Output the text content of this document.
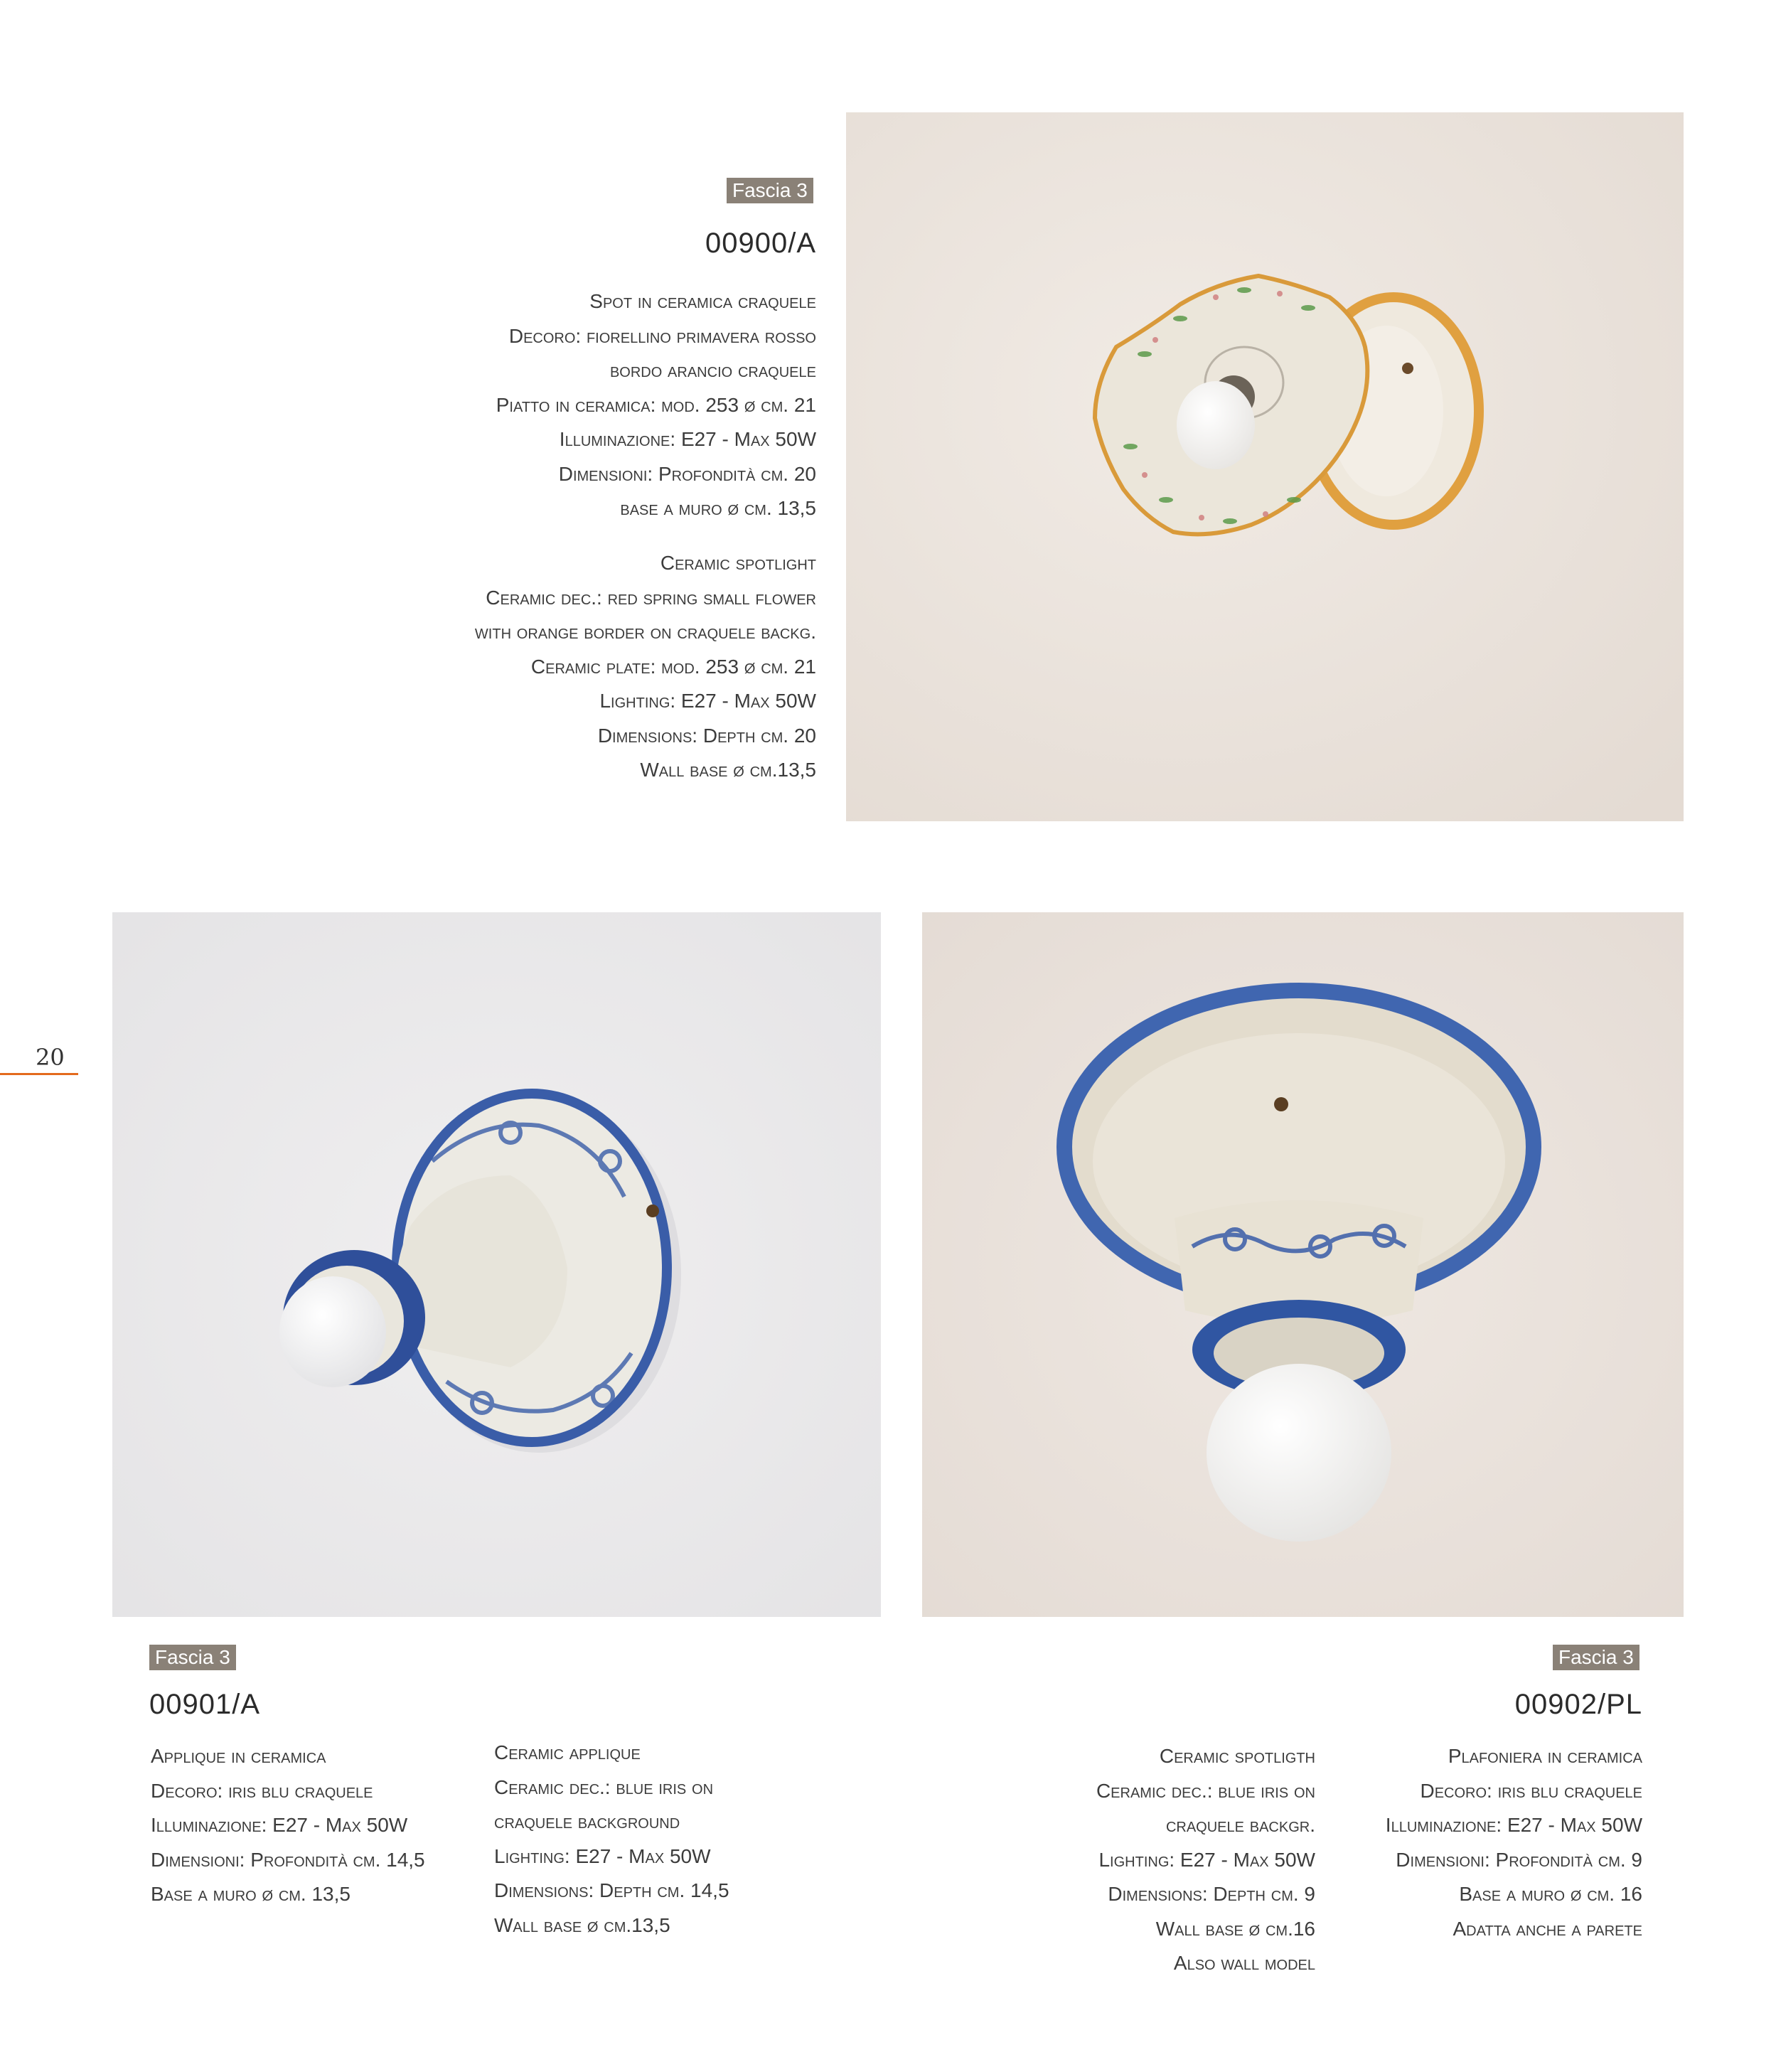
Fascia 3
00900/A
Spot in ceramica craquele
Decoro: fiorellino primavera rosso
bordo arancio craquele
Piatto in ceramica: mod. 253 ø cm. 21
Illuminazione: E27 - Max 50W
Dimensioni: Profondità cm. 20
base a muro ø cm. 13,5
Ceramic spotlight
Ceramic dec.: red spring small flower
with orange border on craquele backg.
Ceramic plate: mod. 253 ø cm. 21
Lighting: E27 - Max 50W
Dimensions: Depth cm. 20
Wall base ø cm.13,5
Fascia 3
00901/A
Applique in ceramica
Decoro: iris blu craquele
Illuminazione: E27 - Max 50W
Dimensioni: Profondità cm. 14,5
Base a muro ø cm. 13,5
Ceramic applique
Ceramic dec.: blue iris on
craquele background
Lighting: E27 - Max 50W
Dimensions: Depth cm. 14,5
Wall base ø cm.13,5
Fascia 3
00902/PL
Ceramic spotligth
Ceramic dec.: blue iris on
craquele backgr.
Lighting: E27 - Max 50W
Dimensions: Depth cm. 9
Wall base ø cm.16
Also wall model
Plafoniera in ceramica
Decoro: iris blu craquele
Illuminazione: E27 - Max 50W
Dimensioni: Profondità cm. 9
Base a muro ø cm. 16
Adatta anche a parete
20
